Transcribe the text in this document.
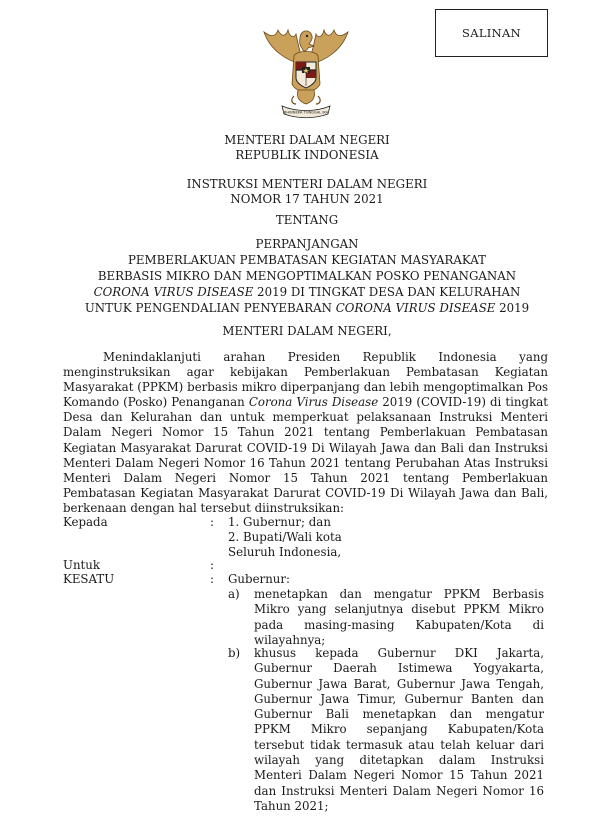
SALINAN
BHINNEKA TUNGGAL IKA
MENTERI DALAM NEGERI
REPUBLIK INDONESIA
INSTRUKSI MENTERI DALAM NEGERI
NOMOR 17 TAHUN 2021
TENTANG
PERPANJANGAN
PEMBERLAKUAN PEMBATASAN KEGIATAN MASYARAKAT
BERBASIS MIKRO DAN MENGOPTIMALKAN POSKO PENANGANAN
CORONA VIRUS DISEASE 2019 DI TINGKAT DESA DAN KELURAHAN
UNTUK PENGENDALIAN PENYEBARAN CORONA VIRUS DISEASE 2019
MENTERI DALAM NEGERI,

Menindaklanjuti arahan Presiden Republik Indonesia yang menginstruksikan agar kebijakan Pemberlakuan Pembatasan Kegiatan Masyarakat (PPKM) berbasis mikro diperpanjang dan lebih mengoptimalkan Pos Komando (Posko) Penanganan Corona Virus Disease 2019 (COVID-19) di tingkat Desa dan Kelurahan dan untuk memperkuat pelaksanaan Instruksi Menteri Dalam Negeri Nomor 15 Tahun 2021 tentang Pemberlakuan Pembatasan Kegiatan Masyarakat Darurat COVID-19 Di Wilayah Jawa dan Bali dan Instruksi Menteri Dalam Negeri Nomor 16 Tahun 2021 tentang Perubahan Atas Instruksi Menteri Dalam Negeri Nomor 15 Tahun 2021 tentang Pemberlakuan Pembatasan Kegiatan Masyarakat Darurat COVID-19 Di Wilayah Jawa dan Bali, berkenaan dengan hal tersebut diinstruksikan:

Kepada	: 1. Gubernur; dan
2. Bupati/Wali kota
Seluruh Indonesia,
Untuk	:
KESATU	: Gubernur:
a) menetapkan dan mengatur PPKM Berbasis
Mikro yang selanjutnya disebut PPKM Mikro
pada masing-masing Kabupaten/Kota di
wilayahnya;
b) khusus kepada Gubernur DKI Jakarta,
Gubernur Daerah Istimewa Yogyakarta,
Gubernur Jawa Barat, Gubernur Jawa Tengah,
Gubernur Jawa Timur, Gubernur Banten dan
Gubernur Bali menetapkan dan mengatur
PPKM Mikro sepanjang Kabupaten/Kota
tersebut tidak termasuk atau telah keluar dari
wilayah yang ditetapkan dalam Instruksi
Menteri Dalam Negeri Nomor 15 Tahun 2021
dan Instruksi Menteri Dalam Negeri Nomor 16
Tahun 2021;
